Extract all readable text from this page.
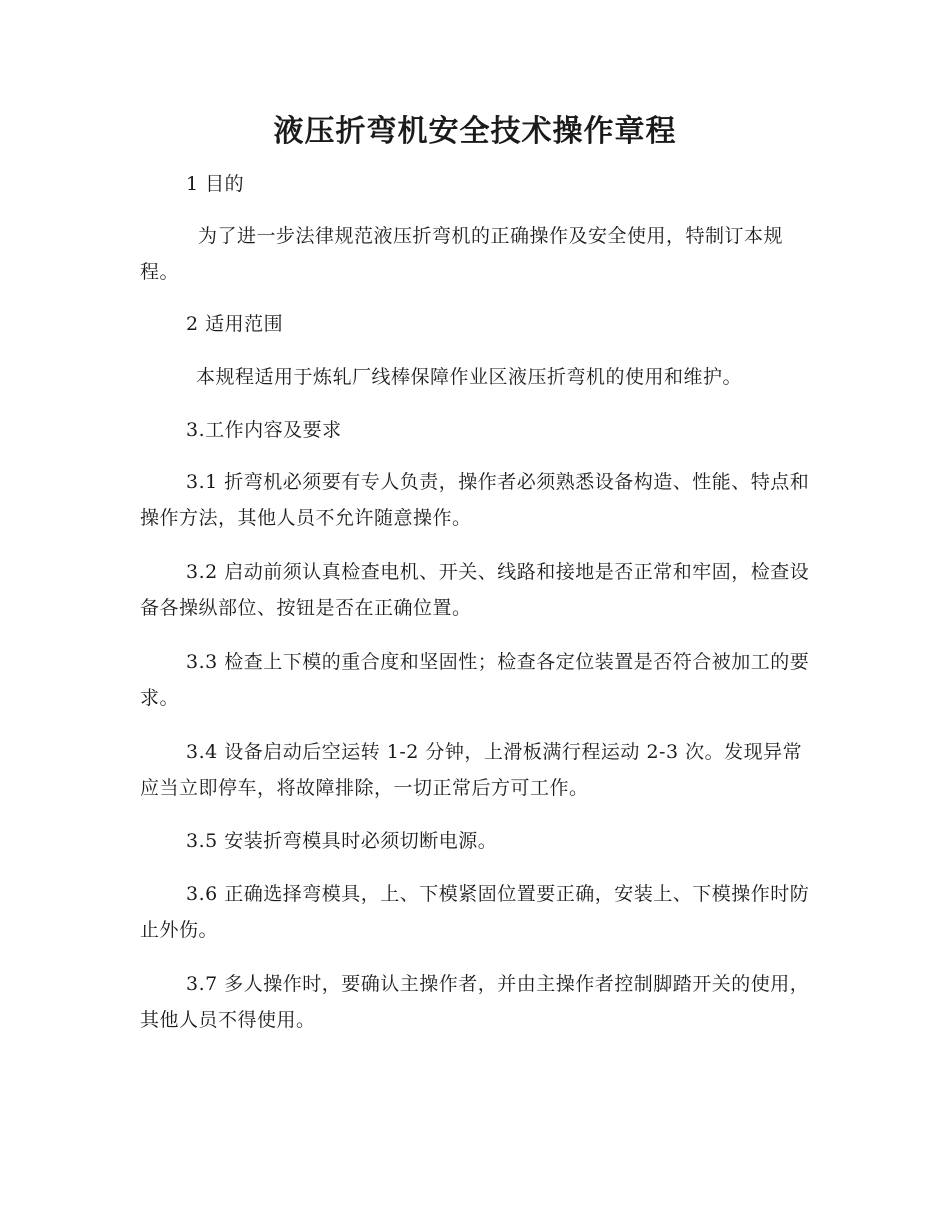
液压折弯机安全技术操作章程

1 目的

为了进一步法律规范液压折弯机的正确操作及安全使用，特制订本规程。

2 适用范围

本规程适用于炼轧厂线棒保障作业区液压折弯机的使用和维护。

3.工作内容及要求

3.1 折弯机必须要有专人负责，操作者必须熟悉设备构造、性能、特点和操作方法，其他人员不允许随意操作。

3.2 启动前须认真检查电机、开关、线路和接地是否正常和牢固，检查设备各操纵部位、按钮是否在正确位置。

3.3 检查上下模的重合度和坚固性；检查各定位装置是否符合被加工的要求。

3.4 设备启动后空运转 1-2 分钟，上滑板满行程运动 2-3 次。发现异常应当立即停车，将故障排除，一切正常后方可工作。

3.5 安装折弯模具时必须切断电源。

3.6 正确选择弯模具，上、下模紧固位置要正确，安装上、下模操作时防止外伤。

3.7 多人操作时，要确认主操作者，并由主操作者控制脚踏开关的使用，其他人员不得使用。
